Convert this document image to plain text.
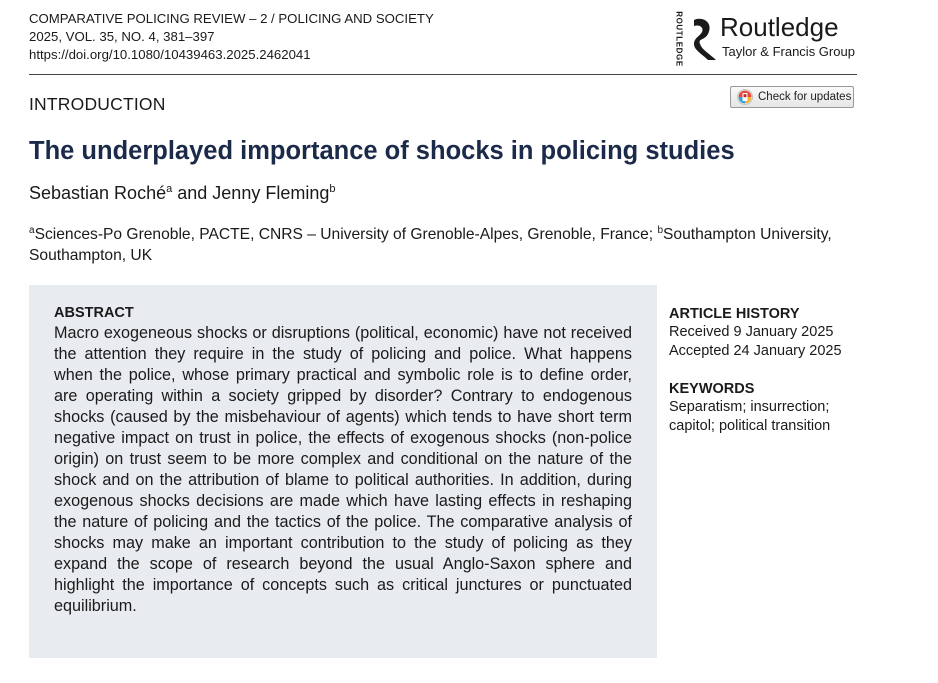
COMPARATIVE POLICING REVIEW – 2 / POLICING AND SOCIETY
2025, VOL. 35, NO. 4, 381–397
https://doi.org/10.1080/10439463.2025.2462041	ROUTLEDGE Routledge
Taylor & Francis Group
INTRODUCTION	Check for updates
The underplayed importance of shocks in policing studies
Sebastian Roché$^a$ and Jenny Fleming$^b$
$^a$Sciences-Po Grenoble, PACTE, CNRS – University of Grenoble-Alpes, Grenoble, France; $^b$Southampton University, Southampton, UK
ABSTRACT
Macro exogeneous shocks or disruptions (political, economic) have not received the attention they require in the study of policing and police. What happens when the police, whose primary practical and symbolic role is to define order, are operating within a society gripped by disorder? Contrary to endogenous shocks (caused by the misbehaviour of agents) which tends to have short term negative impact on trust in police, the effects of exogenous shocks (non-police origin) on trust seem to be more complex and conditional on the nature of the shock and on the attribution of blame to political authorities. In addition, during exogenous shocks decisions are made which have lasting effects in reshaping the nature of policing and the tactics of the police. The comparative analysis of shocks may make an important contribution to the study of policing as they expand the scope of research beyond the usual Anglo-Saxon sphere and highlight the importance of concepts such as critical junctures or punctuated equilibrium.
ARTICLE HISTORY
Received 9 January 2025
Accepted 24 January 2025
KEYWORDS
Separatism; insurrection; capitol; political transition
